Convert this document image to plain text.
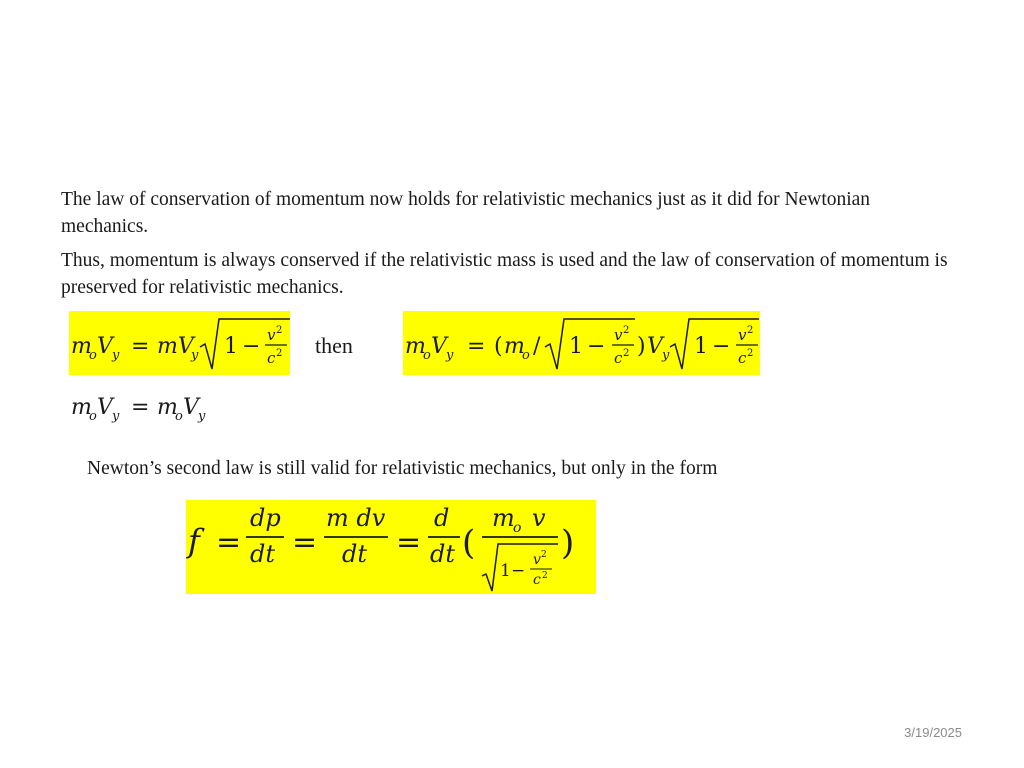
The law of conservation of momentum now holds for relativistic mechanics just as it did for Newtonian mechanics.

Thus, momentum is always conserved if the relativistic mass is used and the law of conservation of momentum is preserved for relativistic mechanics.

m
o V y = mV
y 1 − v 2
c 2 then m
o V y = ( m
o / 1 − v 2
c 2 ) V y 1 − v 2
c 2
m
o V y = m
o V y

Newton’s second law is still valid for relativistic mechanics, but only in the form

f =
dp
dt =
m dv
dt =
d
dt (
m
o v
1 −
v 2
c 2
)
3/19/2025
